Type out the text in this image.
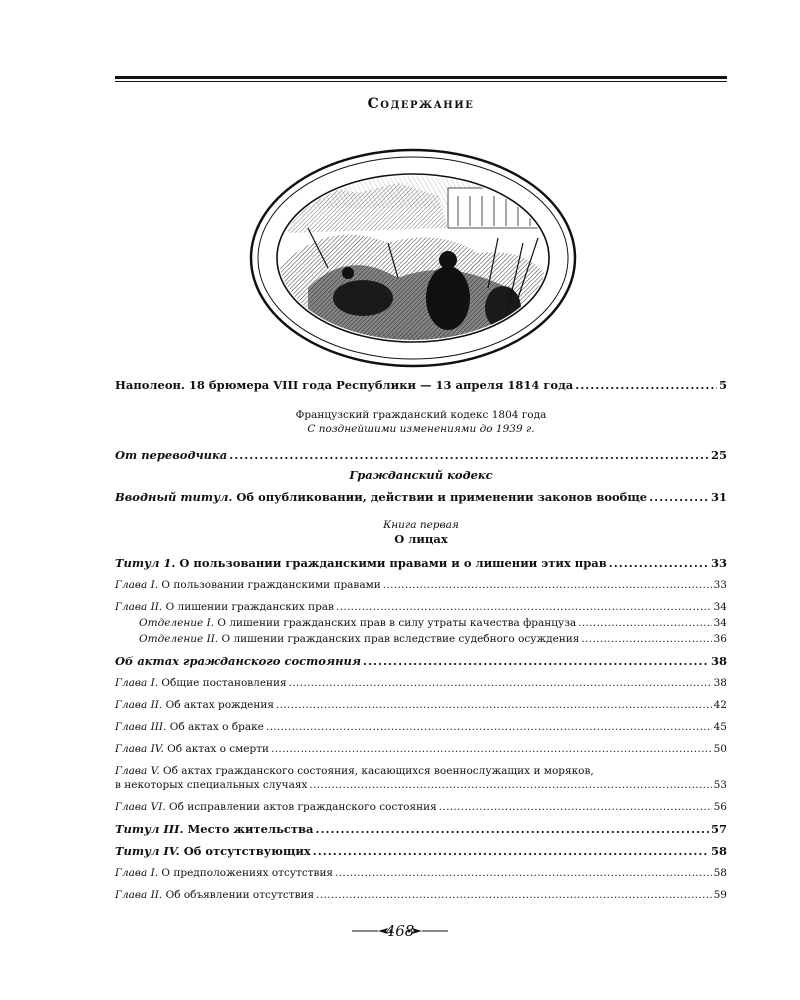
Содержание
Наполеон. 18 брюмера VIII года Республики — 13 апреля 1814 года . . .	5
Французский гражданский кодекс 1804 года
С позднейшими изменениями до 1939 г.
От переводчика . . .	25
Гражданский кодекс
Вводный титул. Об опубликовании, действии и применении законов вообще . . .	31
Книга первая
О лицах
Титул 1. О пользовании гражданскими правами и о лишении этих прав . . .	33
Глава I. О пользовании гражданскими правами . . .	33
Глава II. О лишении гражданских прав . . .	34
Отделение I. О лишении гражданских прав в силу утраты качества француза . . .	34
Отделение II. О лишении гражданских прав вследствие судебного осуждения . . .	36
Об актах гражданского состояния . . .	38
Глава I. Общие постановления . . .	38
Глава II. Об актах рождения . . .	42
Глава III. Об актах о браке . . .	45
Глава IV. Об актах о смерти . . .	50
Глава V. Об актах гражданского состояния, касающихся военнослужащих и моряков,
в некоторых специальных случаях . . .	53
Глава VI. Об исправлении актов гражданского состояния . . .	56
Титул III. Место жительства . . .	57
Титул IV. Об отсутствующих . . .	58
Глава I. О предположениях отсутствия . . .	58
Глава II. Об объявлении отсутствия . . .	59
468
